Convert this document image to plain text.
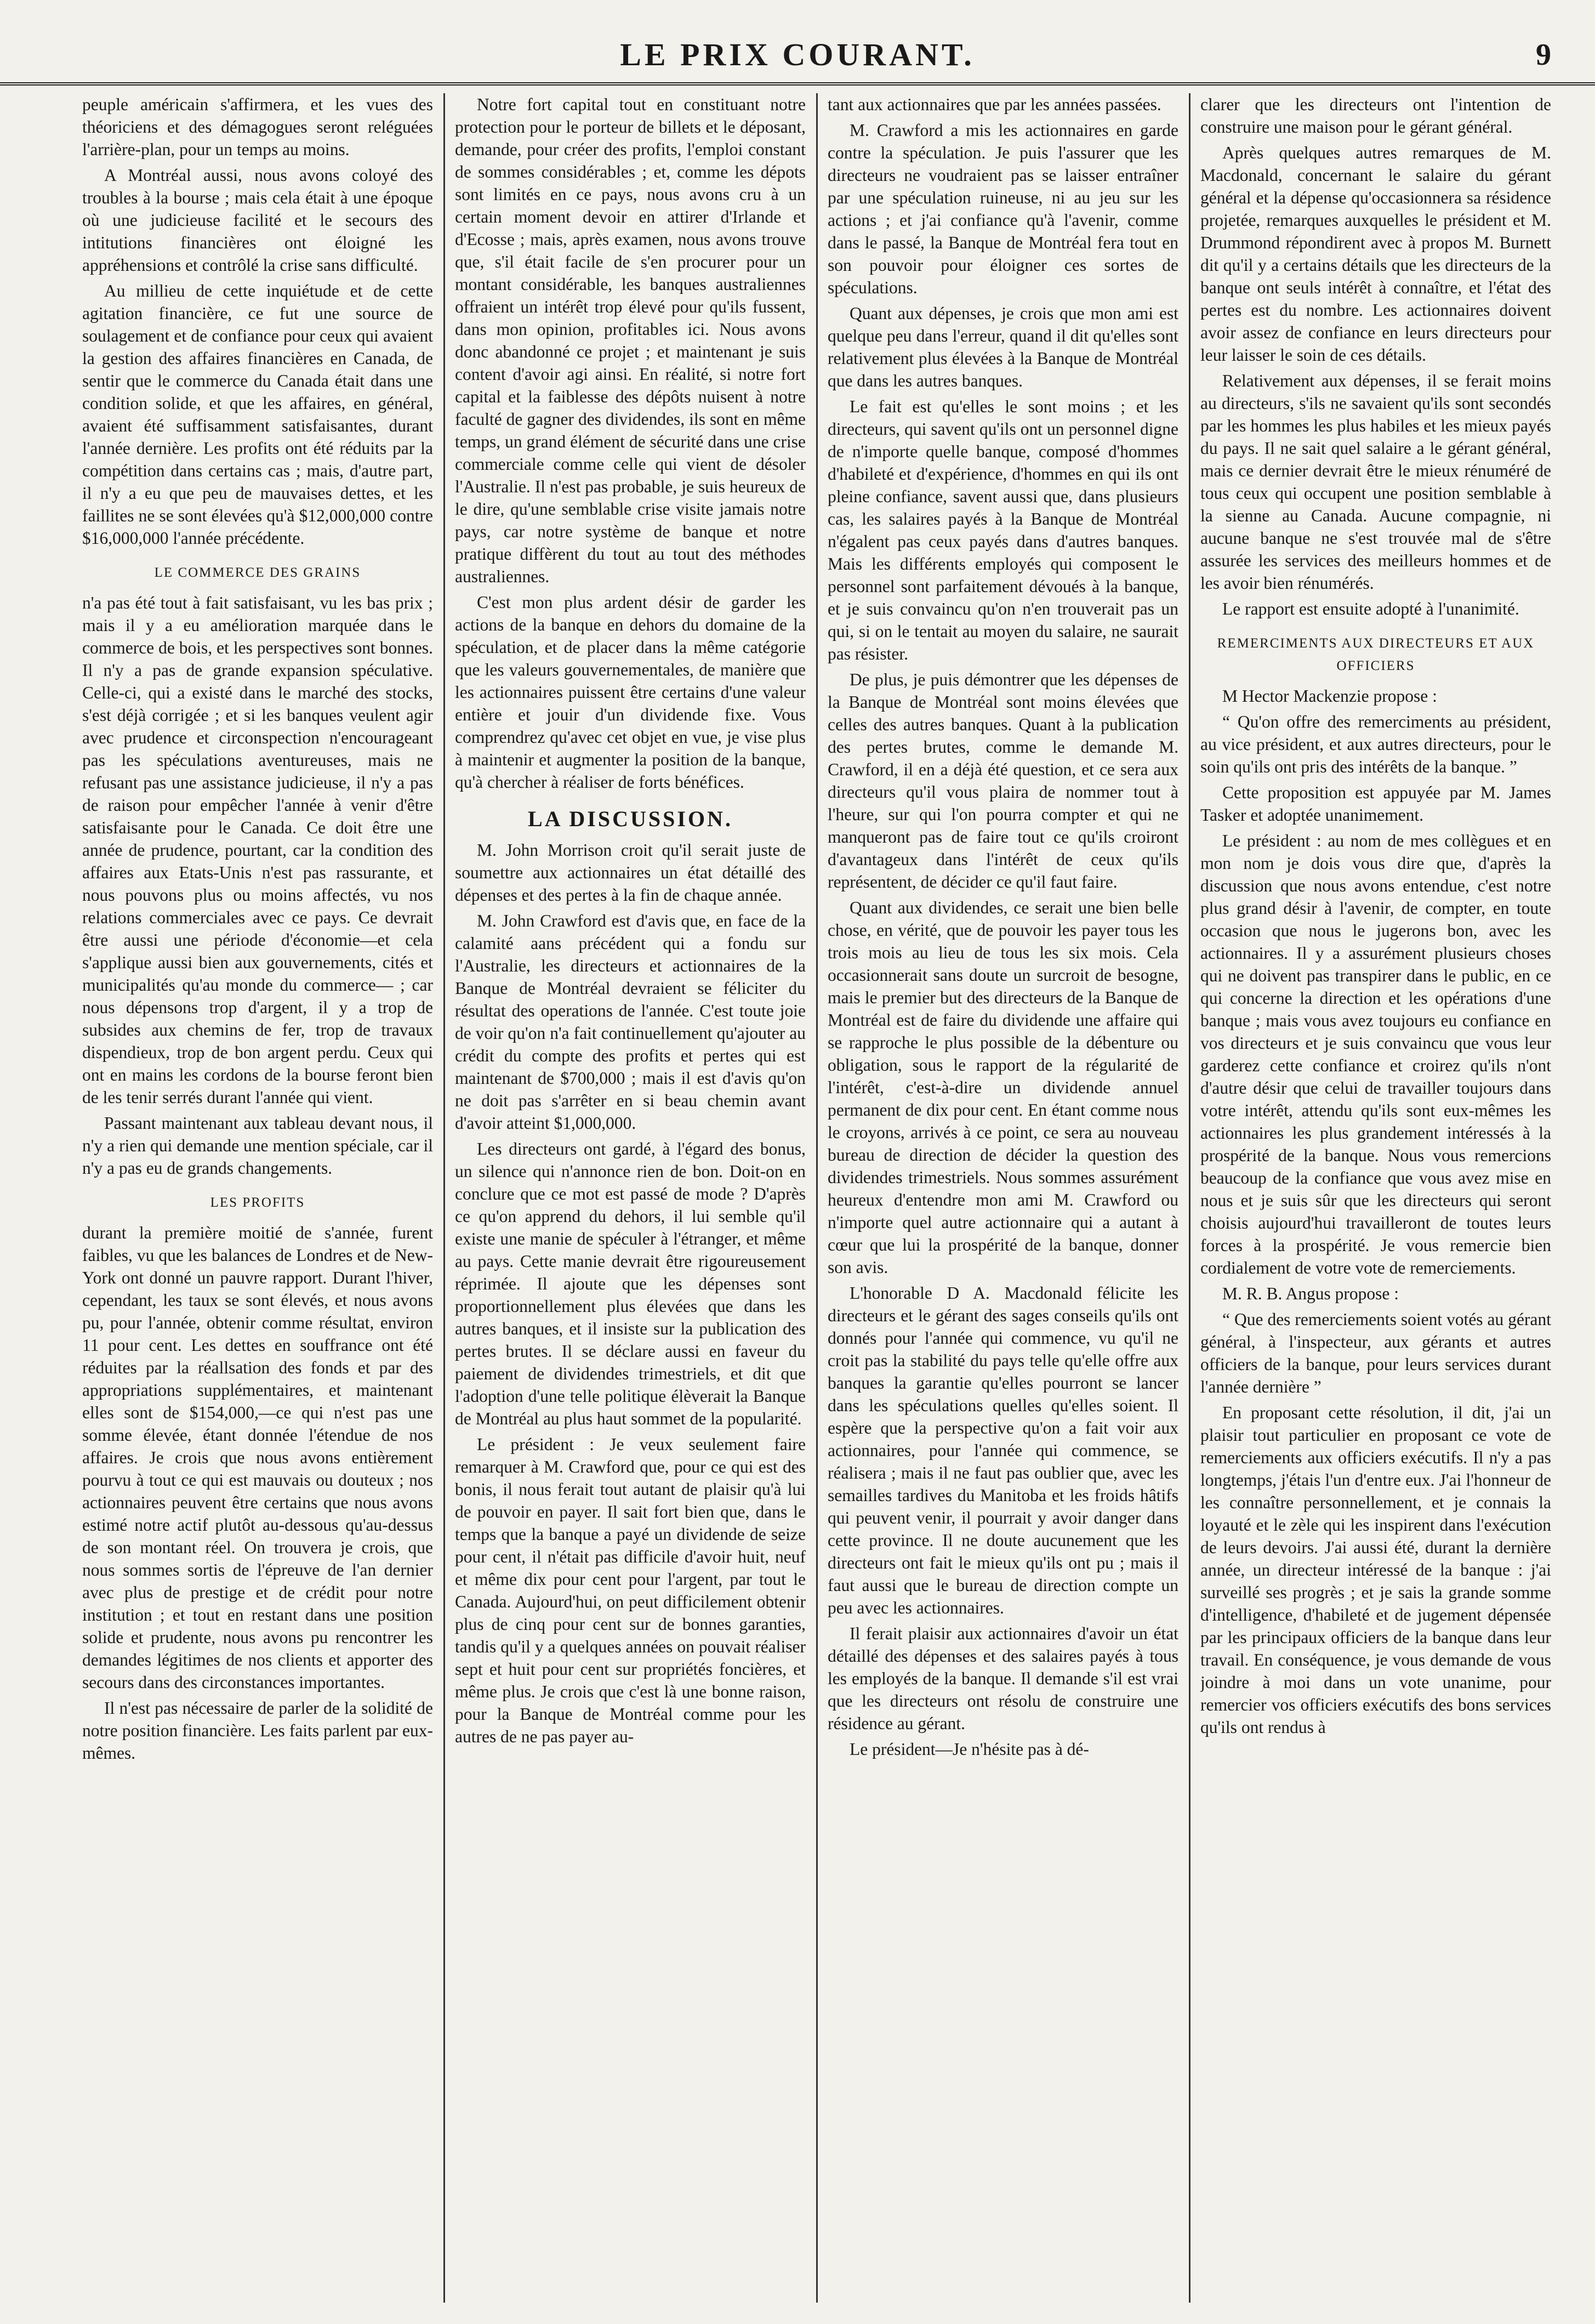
LE PRIX COURANT.	9

peuple américain s'affirmera, et les vues des théoriciens et des démagogues seront reléguées l'arrière-plan, pour un temps au moins.

A Montréal aussi, nous avons coloyé des troubles à la bourse ; mais cela était à une époque où une judicieuse facilité et le secours des intitutions financières ont éloigné les appréhensions et contrôlé la crise sans difficulté.

Au millieu de cette inquiétude et de cette agitation financière, ce fut une source de soulagement et de confiance pour ceux qui avaient la gestion des affaires financières en Canada, de sentir que le commerce du Canada était dans une condition solide, et que les affaires, en général, avaient été suffisamment satisfaisantes, durant l'année dernière. Les profits ont été réduits par la compétition dans certains cas ; mais, d'autre part, il n'y a eu que peu de mauvaises dettes, et les faillites ne se sont élevées qu'à $12,000,000 contre $16,000,000 l'année précédente.

LE COMMERCE DES GRAINS

n'a pas été tout à fait satisfaisant, vu les bas prix ; mais il y a eu amélioration marquée dans le commerce de bois, et les perspectives sont bonnes. Il n'y a pas de grande expansion spéculative. Celle-ci, qui a existé dans le marché des stocks, s'est déjà corrigée ; et si les banques veulent agir avec prudence et circonspection n'encourageant pas les spéculations aventureuses, mais ne refusant pas une assistance judicieuse, il n'y a pas de raison pour empêcher l'année à venir d'être satisfaisante pour le Canada. Ce doit être une année de prudence, pourtant, car la condition des affaires aux Etats-Unis n'est pas rassurante, et nous pouvons plus ou moins affectés, vu nos relations commerciales avec ce pays. Ce devrait être aussi une période d'économie—et cela s'applique aussi bien aux gouvernements, cités et municipalités qu'au monde du commerce— ; car nous dépensons trop d'argent, il y a trop de subsides aux chemins de fer, trop de travaux dispendieux, trop de bon argent perdu. Ceux qui ont en mains les cordons de la bourse feront bien de les tenir serrés durant l'année qui vient.

Passant maintenant aux tableau devant nous, il n'y a rien qui demande une mention spéciale, car il n'y a pas eu de grands changements.

LES PROFITS

durant la première moitié de s'année, furent faibles, vu que les balances de Londres et de New-York ont donné un pauvre rapport. Durant l'hiver, cependant, les taux se sont élevés, et nous avons pu, pour l'année, obtenir comme résultat, environ 11 pour cent. Les dettes en souffrance ont été réduites par la réallsation des fonds et par des appropriations supplémentaires, et maintenant elles sont de $154,000,—ce qui n'est pas une somme élevée, étant donnée l'étendue de nos affaires. Je crois que nous avons entièrement pourvu à tout ce qui est mauvais ou douteux ; nos actionnaires peuvent être certains que nous avons estimé notre actif plutôt au-dessous qu'au-dessus de son montant réel. On trouvera je crois, que nous sommes sortis de l'épreuve de l'an dernier avec plus de prestige et de crédit pour notre institution ; et tout en restant dans une position solide et prudente, nous avons pu rencontrer les demandes légitimes de nos clients et apporter des secours dans des circonstances importantes.

Il n'est pas nécessaire de parler de la solidité de notre position financière. Les faits parlent par eux-mêmes.

Notre fort capital tout en constituant notre protection pour le porteur de billets et le déposant, demande, pour créer des profits, l'emploi constant de sommes considérables ; et, comme les dépots sont limités en ce pays, nous avons cru à un certain moment devoir en attirer d'Irlande et d'Ecosse ; mais, après examen, nous avons trouve que, s'il était facile de s'en procurer pour un montant considérable, les banques australiennes offraient un intérêt trop élevé pour qu'ils fussent, dans mon opinion, profitables ici. Nous avons donc abandonné ce projet ; et maintenant je suis content d'avoir agi ainsi. En réalité, si notre fort capital et la faiblesse des dépôts nuisent à notre faculté de gagner des dividendes, ils sont en même temps, un grand élément de sécurité dans une crise commerciale comme celle qui vient de désoler l'Australie. Il n'est pas probable, je suis heureux de le dire, qu'une semblable crise visite jamais notre pays, car notre système de banque et notre pratique diffèrent du tout au tout des méthodes australiennes.

C'est mon plus ardent désir de garder les actions de la banque en dehors du domaine de la spéculation, et de placer dans la même catégorie que les valeurs gouvernementales, de manière que les actionnaires puissent être certains d'une valeur entière et jouir d'un dividende fixe. Vous comprendrez qu'avec cet objet en vue, je vise plus à maintenir et augmenter la position de la banque, qu'à chercher à réaliser de forts bénéfices.

LA DISCUSSION.

M. John Morrison croit qu'il serait juste de soumettre aux actionnaires un état détaillé des dépenses et des pertes à la fin de chaque année.

M. John Crawford est d'avis que, en face de la calamité aans précédent qui a fondu sur l'Australie, les directeurs et actionnaires de la Banque de Montréal devraient se féliciter du résultat des operations de l'année. C'est toute joie de voir qu'on n'a fait continuellement qu'ajouter au crédit du compte des profits et pertes qui est maintenant de $700,000 ; mais il est d'avis qu'on ne doit pas s'arrêter en si beau chemin avant d'avoir atteint $1,000,000.

Les directeurs ont gardé, à l'égard des bonus, un silence qui n'annonce rien de bon. Doit-on en conclure que ce mot est passé de mode ? D'après ce qu'on apprend du dehors, il lui semble qu'il existe une manie de spéculer à l'étranger, et même au pays. Cette manie devrait être rigoureusement réprimée. Il ajoute que les dépenses sont proportionnellement plus élevées que dans les autres banques, et il insiste sur la publication des pertes brutes. Il se déclare aussi en faveur du paiement de dividendes trimestriels, et dit que l'adoption d'une telle politique élèverait la Banque de Montréal au plus haut sommet de la popularité.

Le président : Je veux seulement faire remarquer à M. Crawford que, pour ce qui est des bonis, il nous ferait tout autant de plaisir qu'à lui de pouvoir en payer. Il sait fort bien que, dans le temps que la banque a payé un dividende de seize pour cent, il n'était pas difficile d'avoir huit, neuf et même dix pour cent pour l'argent, par tout le Canada. Aujourd'hui, on peut difficilement obtenir plus de cinq pour cent sur de bonnes garanties, tandis qu'il y a quelques années on pouvait réaliser sept et huit pour cent sur propriétés foncières, et même plus. Je crois que c'est là une bonne raison, pour la Banque de Montréal comme pour les autres de ne pas payer au-

tant aux actionnaires que par les années passées.

M. Crawford a mis les actionnaires en garde contre la spéculation. Je puis l'assurer que les directeurs ne voudraient pas se laisser entraîner par une spéculation ruineuse, ni au jeu sur les actions ; et j'ai confiance qu'à l'avenir, comme dans le passé, la Banque de Montréal fera tout en son pouvoir pour éloigner ces sortes de spéculations.

Quant aux dépenses, je crois que mon ami est quelque peu dans l'erreur, quand il dit qu'elles sont relativement plus élevées à la Banque de Montréal que dans les autres banques.

Le fait est qu'elles le sont moins ; et les directeurs, qui savent qu'ils ont un personnel digne de n'importe quelle banque, composé d'hommes d'habileté et d'expérience, d'hommes en qui ils ont pleine confiance, savent aussi que, dans plusieurs cas, les salaires payés à la Banque de Montréal n'égalent pas ceux payés dans d'autres banques. Mais les différents employés qui composent le personnel sont parfaitement dévoués à la banque, et je suis convaincu qu'on n'en trouverait pas un qui, si on le tentait au moyen du salaire, ne saurait pas résister.

De plus, je puis démontrer que les dépenses de la Banque de Montréal sont moins élevées que celles des autres banques. Quant à la publication des pertes brutes, comme le demande M. Crawford, il en a déjà été question, et ce sera aux directeurs qu'il vous plaira de nommer tout à l'heure, sur qui l'on pourra compter et qui ne manqueront pas de faire tout ce qu'ils croiront d'avantageux dans l'intérêt de ceux qu'ils représentent, de décider ce qu'il faut faire.

Quant aux dividendes, ce serait une bien belle chose, en vérité, que de pouvoir les payer tous les trois mois au lieu de tous les six mois. Cela occasionnerait sans doute un surcroit de besogne, mais le premier but des directeurs de la Banque de Montréal est de faire du dividende une affaire qui se rapproche le plus possible de la débenture ou obligation, sous le rapport de la régularité de l'intérêt, c'est-à-dire un dividende annuel permanent de dix pour cent. En étant comme nous le croyons, arrivés à ce point, ce sera au nouveau bureau de direction de décider la question des dividendes trimestriels. Nous sommes assurément heureux d'entendre mon ami M. Crawford ou n'importe quel autre actionnaire qui a autant à cœur que lui la prospérité de la banque, donner son avis.

L'honorable D A. Macdonald félicite les directeurs et le gérant des sages conseils qu'ils ont donnés pour l'année qui commence, vu qu'il ne croit pas la stabilité du pays telle qu'elle offre aux banques la garantie qu'elles pourront se lancer dans les spéculations quelles qu'elles soient. Il espère que la perspective qu'on a fait voir aux actionnaires, pour l'année qui commence, se réalisera ; mais il ne faut pas oublier que, avec les semailles tardives du Manitoba et les froids hâtifs qui peuvent venir, il pourrait y avoir danger dans cette province. Il ne doute aucunement que les directeurs ont fait le mieux qu'ils ont pu ; mais il faut aussi que le bureau de direction compte un peu avec les actionnaires.

Il ferait plaisir aux actionnaires d'avoir un état détaillé des dépenses et des salaires payés à tous les employés de la banque. Il demande s'il est vrai que les directeurs ont résolu de construire une résidence au gérant.

Le président—Je n'hésite pas à dé-

clarer que les directeurs ont l'intention de construire une maison pour le gérant général.

Après quelques autres remarques de M. Macdonald, concernant le salaire du gérant général et la dépense qu'occasionnera sa résidence projetée, remarques auxquelles le président et M. Drummond répondirent avec à propos M. Burnett dit qu'il y a certains détails que les directeurs de la banque ont seuls intérêt à connaître, et l'état des pertes est du nombre. Les actionnaires doivent avoir assez de confiance en leurs directeurs pour leur laisser le soin de ces détails.

Relativement aux dépenses, il se ferait moins au directeurs, s'ils ne savaient qu'ils sont secondés par les hommes les plus habiles et les mieux payés du pays. Il ne sait quel salaire a le gérant général, mais ce dernier devrait être le mieux rénuméré de tous ceux qui occupent une position semblable à la sienne au Canada. Aucune compagnie, ni aucune banque ne s'est trouvée mal de s'être assurée les services des meilleurs hommes et de les avoir bien rénumérés.

Le rapport est ensuite adopté à l'unanimité.

REMERCIMENTS AUX DIRECTEURS ET AUX OFFICIERS

M Hector Mackenzie propose :

“ Qu'on offre des remerciments au président, au vice président, et aux autres directeurs, pour le soin qu'ils ont pris des intérêts de la banque. ”

Cette proposition est appuyée par M. James Tasker et adoptée unanimement.

Le président : au nom de mes collègues et en mon nom je dois vous dire que, d'après la discussion que nous avons entendue, c'est notre plus grand désir à l'avenir, de compter, en toute occasion que nous le jugerons bon, avec les actionnaires. Il y a assurément plusieurs choses qui ne doivent pas transpirer dans le public, en ce qui concerne la direction et les opérations d'une banque ; mais vous avez toujours eu confiance en vos directeurs et je suis convaincu que vous leur garderez cette confiance et croirez qu'ils n'ont d'autre désir que celui de travailler toujours dans votre intérêt, attendu qu'ils sont eux-mêmes les actionnaires les plus grandement intéressés à la prospérité de la banque. Nous vous remercions beaucoup de la confiance que vous avez mise en nous et je suis sûr que les directeurs qui seront choisis aujourd'hui travailleront de toutes leurs forces à la prospérité. Je vous remercie bien cordialement de votre vote de remerciements.

M. R. B. Angus propose :

“ Que des remerciements soient votés au gérant général, à l'inspecteur, aux gérants et autres officiers de la banque, pour leurs services durant l'année dernière ”

En proposant cette résolution, il dit, j'ai un plaisir tout particulier en proposant ce vote de remerciements aux officiers exécutifs. Il n'y a pas longtemps, j'étais l'un d'entre eux. J'ai l'honneur de les connaître personnellement, et je connais la loyauté et le zèle qui les inspirent dans l'exécution de leurs devoirs. J'ai aussi été, durant la dernière année, un directeur intéressé de la banque : j'ai surveillé ses progrès ; et je sais la grande somme d'intelligence, d'habileté et de jugement dépensée par les principaux officiers de la banque dans leur travail. En conséquence, je vous demande de vous joindre à moi dans un vote unanime, pour remercier vos officiers exécutifs des bons services qu'ils ont rendus à
